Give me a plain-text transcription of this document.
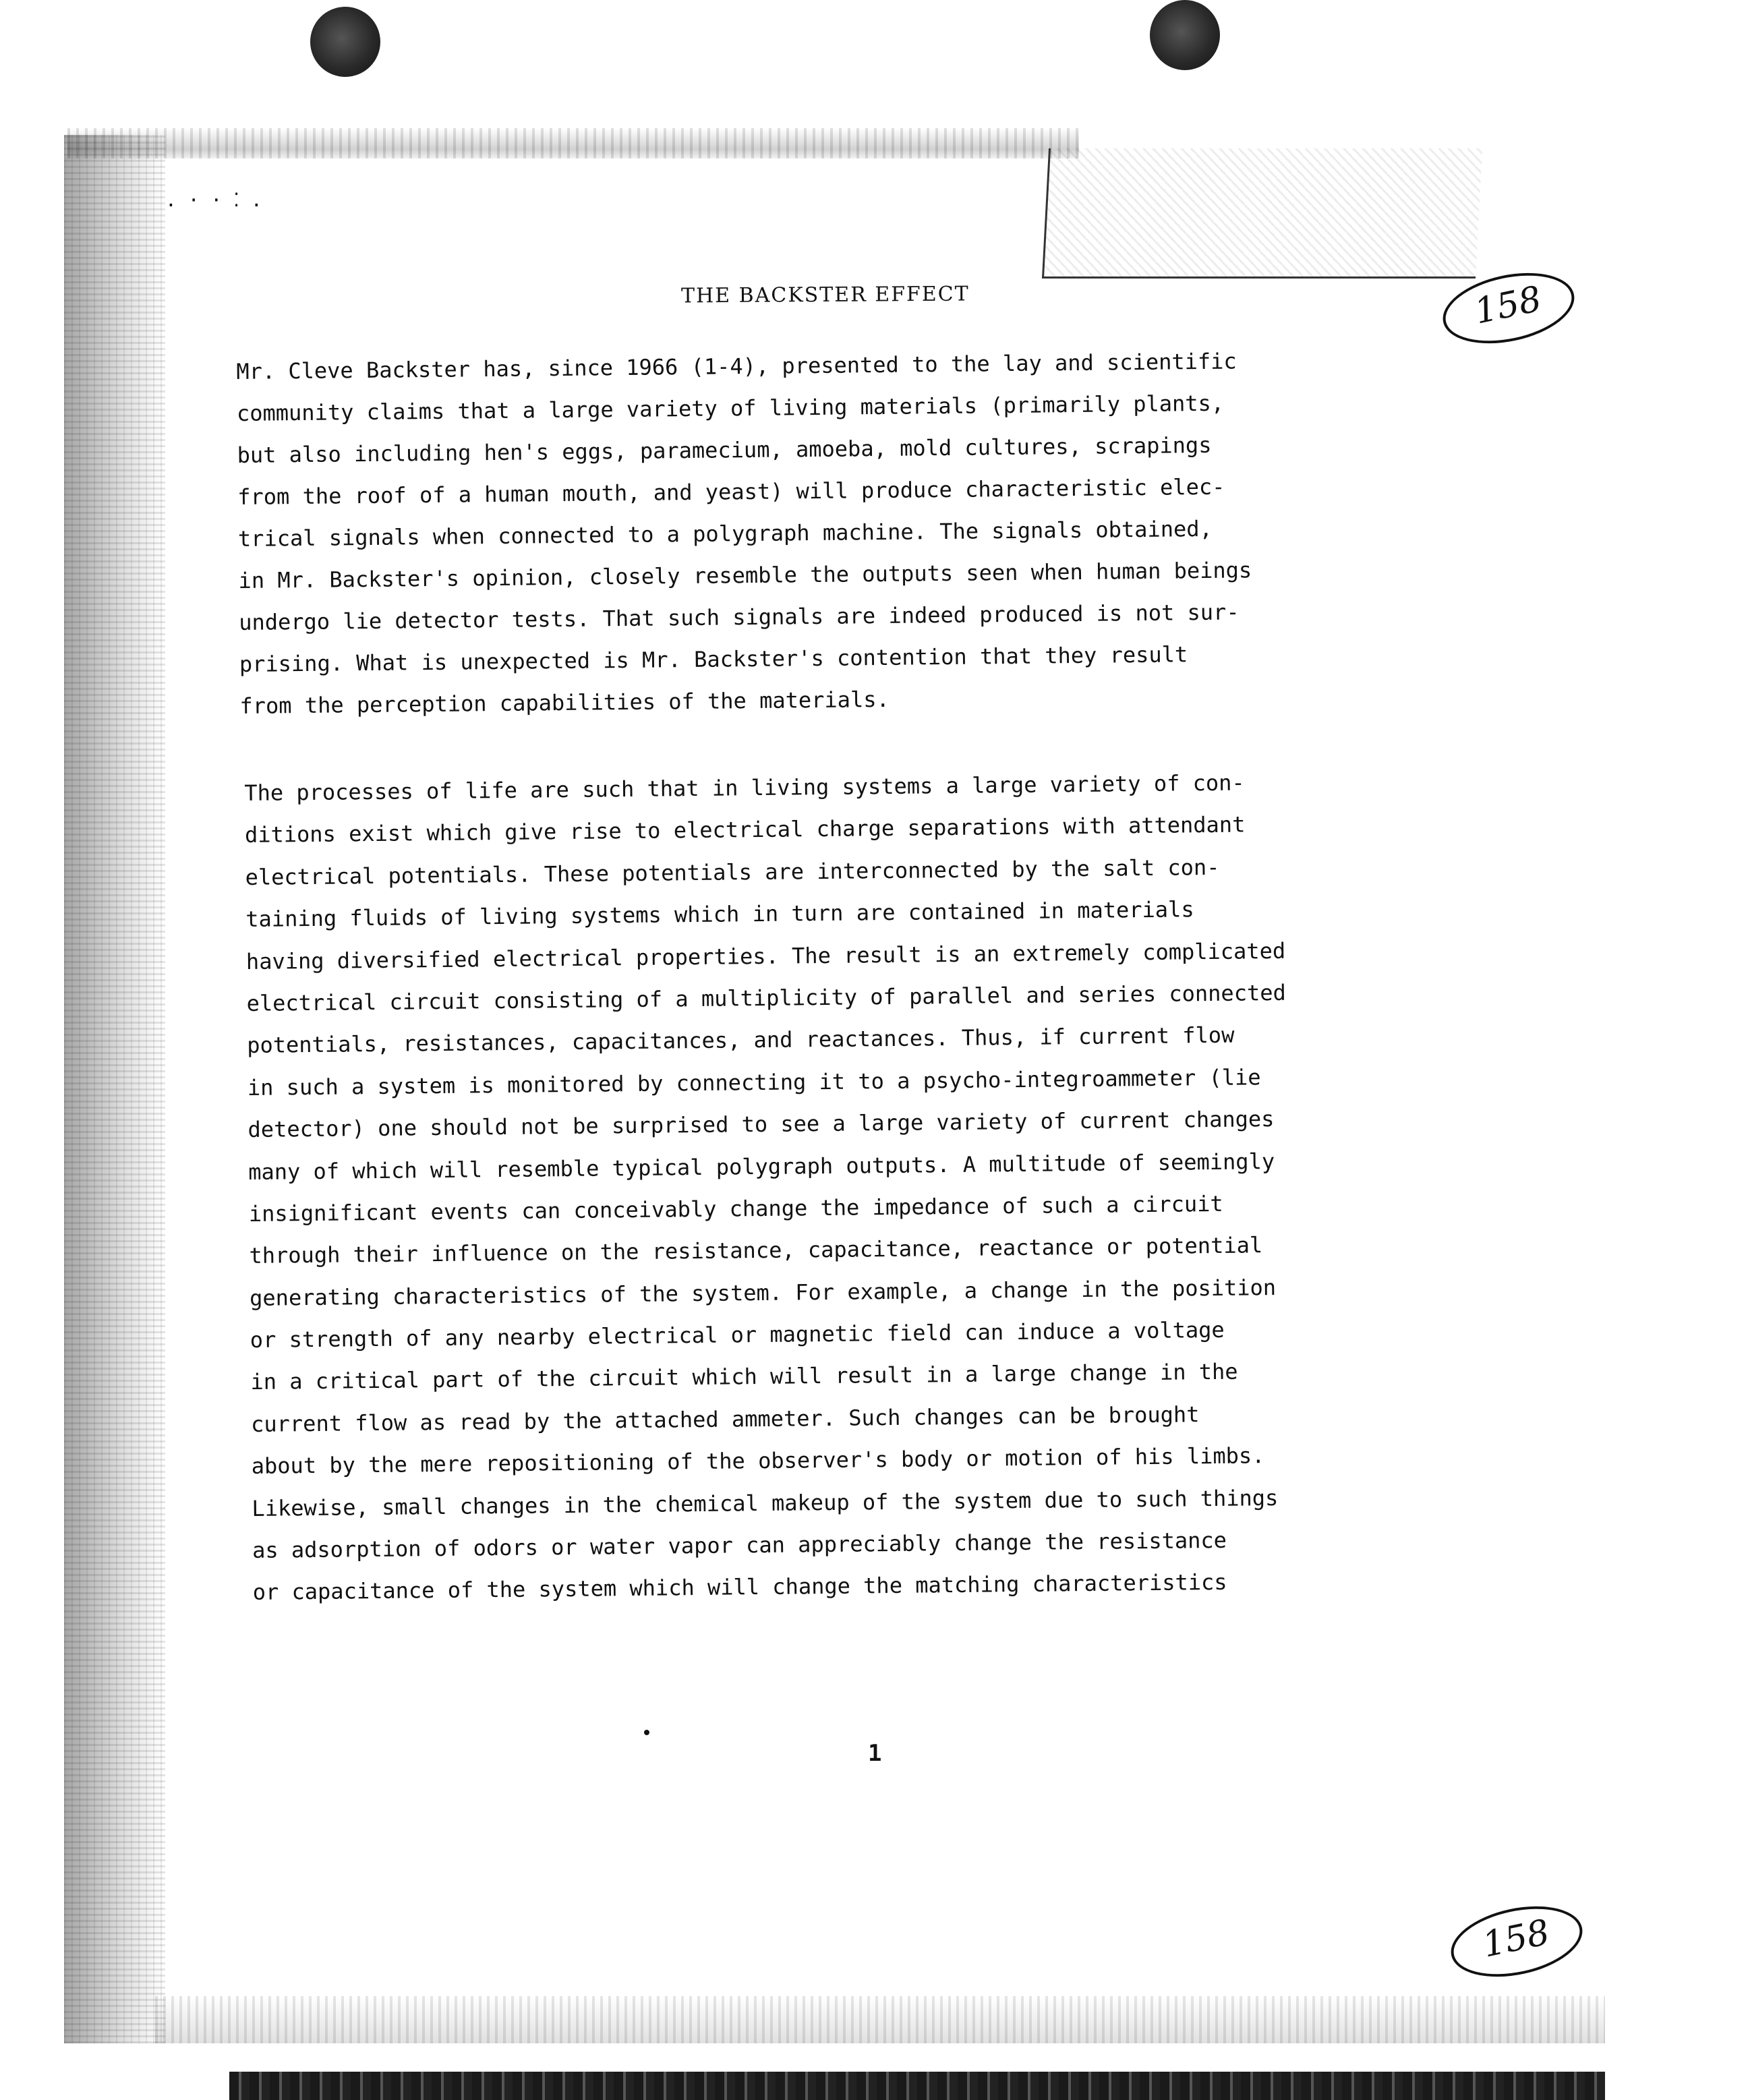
. · · ⁚ .
158
THE BACKSTER EFFECT
Mr. Cleve Backster has, since 1966 (1-4), presented to the lay and scientific
community claims that a large variety of living materials (primarily plants,
but also including hen's eggs, paramecium, amoeba, mold cultures, scrapings
from the roof of a human mouth, and yeast) will produce characteristic elec-
trical signals when connected to a polygraph machine. The signals obtained,
in Mr. Backster's opinion, closely resemble the outputs seen when human beings
undergo lie detector tests. That such signals are indeed produced is not sur-
prising. What is unexpected is Mr. Backster's contention that they result
from the perception capabilities of the materials.
The processes of life are such that in living systems a large variety of con-
ditions exist which give rise to electrical charge separations with attendant
electrical potentials. These potentials are interconnected by the salt con-
taining fluids of living systems which in turn are contained in materials
having diversified electrical properties. The result is an extremely complicated
electrical circuit consisting of a multiplicity of parallel and series connected
potentials, resistances, capacitances, and reactances. Thus, if current flow
in such a system is monitored by connecting it to a psycho-integroammeter (lie
detector) one should not be surprised to see a large variety of current changes
many of which will resemble typical polygraph outputs. A multitude of seemingly
insignificant events can conceivably change the impedance of such a circuit
through their influence on the resistance, capacitance, reactance or potential
generating characteristics of the system. For example, a change in the position
or strength of any nearby electrical or magnetic field can induce a voltage
in a critical part of the circuit which will result in a large change in the
current flow as read by the attached ammeter. Such changes can be brought
about by the mere repositioning of the observer's body or motion of his limbs.
Likewise, small changes in the chemical makeup of the system due to such things
as adsorption of odors or water vapor can appreciably change the resistance
or capacitance of the system which will change the matching characteristics
1
158
